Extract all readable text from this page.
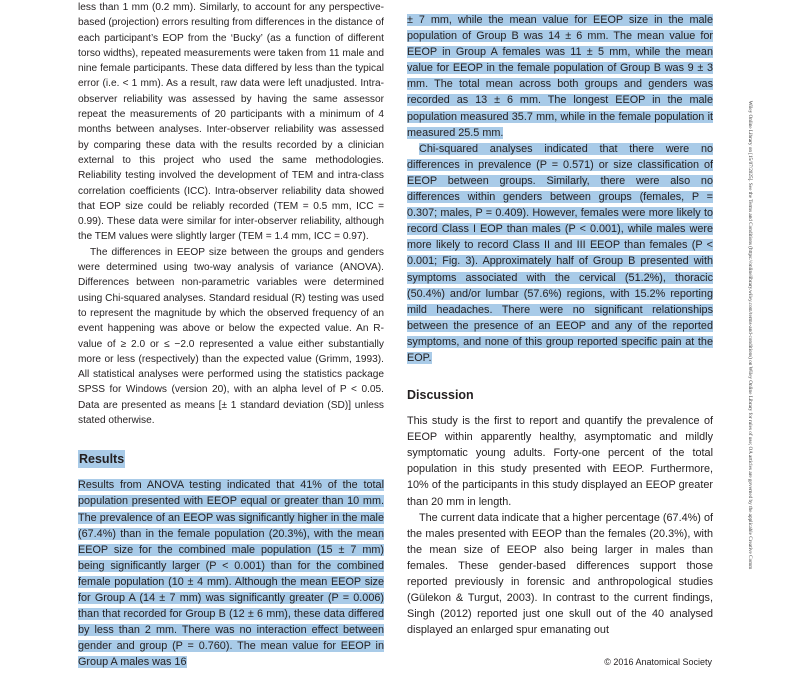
less than 1 mm (0.2 mm). Similarly, to account for any perspective-based (projection) errors resulting from differences in the distance of each participant’s EOP from the ‘Bucky’ (as a function of different torso widths), repeated measurements were taken from 11 male and nine female participants. These data differed by less than the typical error (i.e. < 1 mm). As a result, raw data were left unadjusted. Intra-observer reliability was assessed by having the same assessor repeat the measurements of 20 participants with a minimum of 4 months between analyses. Inter-observer reliability was assessed by comparing these data with the results recorded by a clinician external to this project who used the same methodologies. Reliability testing involved the development of TEM and intra-class correlation coefficients (ICC). Intra-observer reliability data showed that EOP size could be reliably recorded (TEM = 0.5 mm, ICC = 0.99). These data were similar for inter-observer reliability, although the TEM values were slightly larger (TEM = 1.4 mm, ICC = 0.97).

The differences in EEOP size between the groups and genders were determined using two-way analysis of variance (ANOVA). Differences between non-parametric variables were determined using Chi-squared analyses. Standard residual (R) testing was used to represent the magnitude by which the observed frequency of an event happening was above or below the expected value. An R-value of ≥ 2.0 or ≤ −2.0 represented a value either substantially more or less (respectively) than the expected value (Grimm, 1993). All statistical analyses were performed using the statistics package SPSS for Windows (version 20), with an alpha level of P < 0.05. Data are presented as means [± 1 standard deviation (SD)] unless stated otherwise.

Results

Results from ANOVA testing indicated that 41% of the total population presented with EEOP equal or greater than 10 mm. The prevalence of an EEOP was significantly higher in the male (67.4%) than in the female population (20.3%), with the mean EEOP size for the combined male population (15 ± 7 mm) being significantly larger (P < 0.001) than for the combined female population (10 ± 4 mm). Although the mean EEOP size for Group A (14 ± 7 mm) was significantly greater (P = 0.006) than that recorded for Group B (12 ± 6 mm), these data differed by less than 2 mm. There was no interaction effect between gender and group (P = 0.760). The mean value for EEOP in Group A males was 16

± 7 mm, while the mean value for EEOP size in the male population of Group B was 14 ± 6 mm. The mean value for EEOP in Group A females was 11 ± 5 mm, while the mean value for EEOP in the female population of Group B was 9 ± 3 mm. The total mean across both groups and genders was recorded as 13 ± 6 mm. The longest EEOP in the male population measured 35.7 mm, while in the female population it measured 25.5 mm.

Chi-squared analyses indicated that there were no differences in prevalence (P = 0.571) or size classification of EEOP between groups. Similarly, there were also no differences within genders between groups (females, P = 0.307; males, P = 0.409). However, females were more likely to record Class I EOP than males (P < 0.001), while males were more likely to record Class II and III EEOP than females (P < 0.001; Fig. 3). Approximately half of Group B presented with symptoms associated with the cervical (51.2%), thoracic (50.4%) and/or lumbar (57.6%) regions, with 15.2% reporting mild headaches. There were no significant relationships between the presence of an EEOP and any of the reported symptoms, and none of this group reported specific pain at the EOP.

Discussion

This study is the first to report and quantify the prevalence of EEOP within apparently healthy, asymptomatic and mildly symptomatic young adults. Forty-one percent of the total population in this study presented with EEOP. Furthermore, 10% of the participants in this study displayed an EEOP greater than 20 mm in length.

The current data indicate that a higher percentage (67.4%) of the males presented with EEOP than the females (20.3%), with the mean size of EEOP also being larger in males than females. These gender-based differences support those reported previously in forensic and anthropological studies (Gülekon & Turgut, 2003). In contrast to the current findings, Singh (2012) reported just one skull out of the 40 analysed displayed an enlarged spur emanating out

© 2016 Anatomical Society
Wiley Online Library on [15/07/2025]. See the Terms and Conditions (https://onlinelibrary.wiley.com/terms-and-conditions) on Wiley Online Library for rules of use; OA articles are governed by the applicable Creative Comm
